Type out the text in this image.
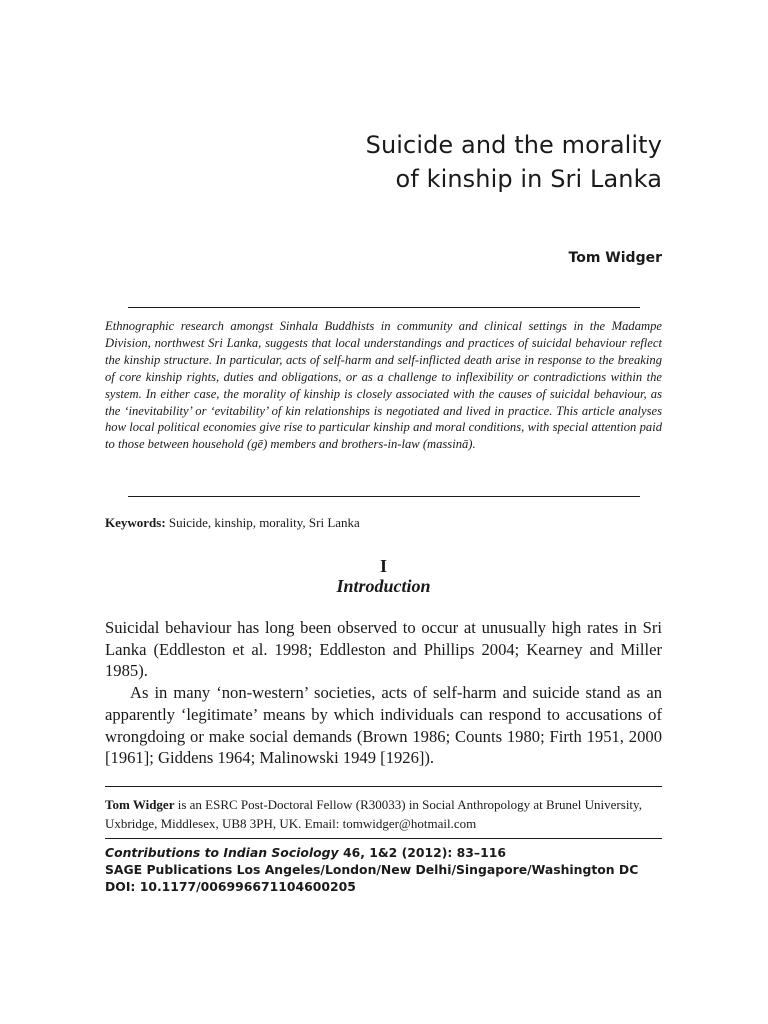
Suicide and the morality
of kinship in Sri Lanka
Tom Widger

Ethnographic research amongst Sinhala Buddhists in community and clinical settings in the Madampe Division, northwest Sri Lanka, suggests that local understandings and practices of suicidal behaviour reflect the kinship structure. In particular, acts of self-harm and self-inflicted death arise in response to the breaking of core kinship rights, duties and obligations, or as a challenge to inflexibility or contradictions within the system. In either case, the morality of kinship is closely associated with the causes of suicidal behaviour, as the ‘inevitability’ or ‘evitability’ of kin relationships is negotiated and lived in practice. This article analyses how local political economies give rise to particular kinship and moral conditions, with special attention paid to those between household (gē) members and brothers-in-law (massinā).

Keywords: Suicide, kinship, morality, Sri Lanka

I
Introduction

Suicidal behaviour has long been observed to occur at unusually high rates in Sri Lanka (Eddleston et al. 1998; Eddleston and Phillips 2004; Kearney and Miller 1985).

As in many ‘non-western’ societies, acts of self-harm and suicide stand as an apparently ‘legitimate’ means by which individuals can respond to accusations of wrongdoing or make social demands (Brown 1986; Counts 1980; Firth 1951, 2000 [1961]; Giddens 1964; Malinowski 1949 [1926]).

Tom Widger is an ESRC Post-Doctoral Fellow (R30033) in Social Anthropology at Brunel University, Uxbridge, Middlesex, UB8 3PH, UK. Email: tomwidger@hotmail.com

Contributions to Indian Sociology 46, 1&2 (2012): 83–116
SAGE Publications Los Angeles/London/New Delhi/Singapore/Washington DC
DOI: 10.1177/006996671104600205
